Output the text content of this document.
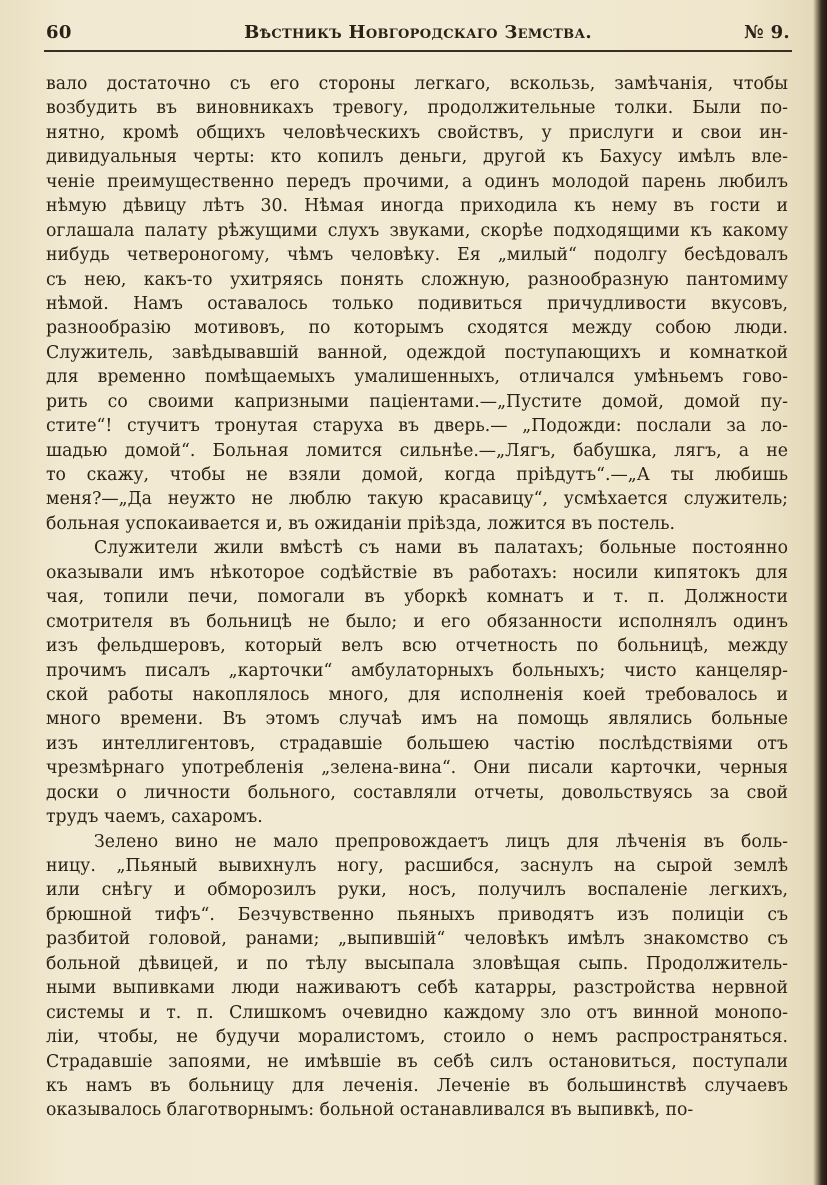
60	Вѣстникъ Новгородскаго Земства.	№ 9.
вало достаточно съ его стороны легкаго, вскользь, замѣчанія, чтобы
возбудить въ виновникахъ тревогу, продолжительные толки. Были по-
нятно, кромѣ общихъ человѣческихъ свойствъ, у прислуги и свои ин-
дивидуальныя черты: кто копилъ деньги, другой къ Бахусу имѣлъ вле-
ченіе преимущественно передъ прочими, а одинъ молодой парень любилъ
нѣмую дѣвицу лѣтъ 30. Нѣмая иногда приходила къ нему въ гости и
оглашала палату рѣжущими слухъ звуками, скорѣе подходящими къ какому
нибудь четвероногому, чѣмъ человѣку. Ея „милый“ подолгу бесѣдовалъ
съ нею, какъ-то ухитряясь понять сложную, разнообразную пантомиму
нѣмой. Намъ оставалось только подивиться причудливости вкусовъ,
разнообразію мотивовъ, по которымъ сходятся между собою люди.
Служитель, завѣдывавшій ванной, одеждой поступающихъ и комнаткой
для временно помѣщаемыхъ умалишенныхъ, отличался умѣньемъ гово-
рить со своими капризными пацiентами.—„Пустите домой, домой пу-
стите“! стучитъ тронутая старуха въ дверь.— „Подожди: послали за ло-
шадью домой“. Больная ломится сильнѣе.—„Лягъ, бабушка, лягъ, а не
то скажу, чтобы не взяли домой, когда пріѣдутъ“.—„А ты любишь
меня?—„Да неужто не люблю такую красавицу“, усмѣхается служитель;
больная успокаивается и, въ ожиданіи пріѣзда, ложится въ постель.
Служители жили вмѣстѣ съ нами въ палатахъ; больные постоянно
оказывали имъ нѣкоторое содѣйствіе въ работахъ: носили кипятокъ для
чая, топили печи, помогали въ уборкѣ комнатъ и т. п. Должности
смотрителя въ больницѣ не было; и его обязанности исполнялъ одинъ
изъ фельдшеровъ, который велъ всю отчетность по больницѣ, между
прочимъ писалъ „карточки“ амбулаторныхъ больныхъ; чисто канцеляр-
ской работы накоплялось много, для исполненія коей требовалось и
много времени. Въ этомъ случаѣ имъ на помощь являлись больные
изъ интеллигентовъ, страдавшіе большею частію послѣдствіями отъ
чрезмѣрнаго употребленія „зелена-вина“. Они писали карточки, черныя
доски о личности больного, составляли отчеты, довольствуясь за свой
трудъ чаемъ, сахаромъ.
Зелено вино не мало препровождаетъ лицъ для лѣченія въ боль-
ницу. „Пьяный вывихнулъ ногу, расшибся, заснулъ на сырой землѣ
или снѣгу и обморозилъ руки, носъ, получилъ воспаленіе легкихъ,
брюшной тифъ“. Безчувственно пьяныхъ приводятъ изъ полиціи съ
разбитой головой, ранами; „выпившій“ человѣкъ имѣлъ знакомство съ
больной дѣвицей, и по тѣлу высыпала зловѣщая сыпь. Продолжитель-
ными выпивками люди наживаютъ себѣ катарры, разстройства нервной
системы и т. п. Слишкомъ очевидно каждому зло отъ винной монопо-
ліи, чтобы, не будучи моралистомъ, стоило о немъ распространяться.
Страдавшіе запоями, не имѣвшіе въ себѣ силъ остановиться, поступали
къ намъ въ больницу для леченія. Леченіе въ большинствѣ случаевъ
оказывалось благотворнымъ: больной останавливался въ выпивкѣ, по-
